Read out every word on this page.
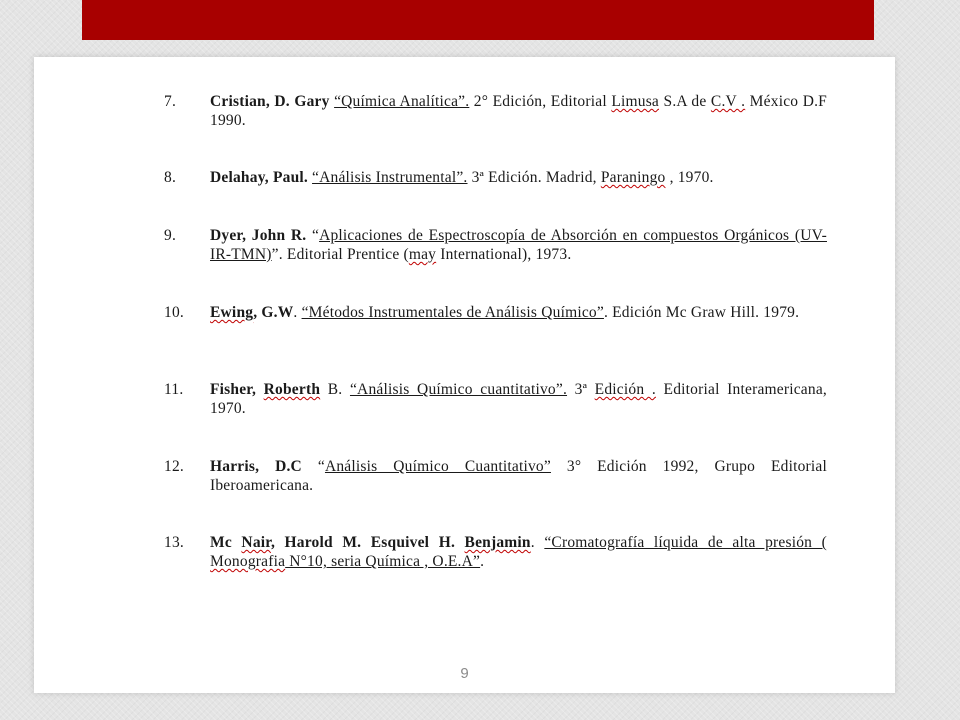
7. Cristian, D. Gary “Química Analítica”. 2° Edición, Editorial Limusa S.A de C.V . México D.F 1990.
8. Delahay, Paul. “Análisis Instrumental”. 3ª Edición. Madrid, Paraningo , 1970.
9. Dyer, John R. “Aplicaciones de Espectroscopía de Absorción en compuestos Orgánicos (UV-IR-TMN)”. Editorial Prentice (may International), 1973.
10. Ewing, G.W. “Métodos Instrumentales de Análisis Químico”. Edición Mc Graw Hill. 1979.
11. Fisher, Roberth B. “Análisis Químico cuantitativo”. 3ª Edición . Editorial Interamericana, 1970.
12. Harris, D.C “Análisis Químico Cuantitativo” 3° Edición 1992, Grupo Editorial Iberoamericana.
13. Mc Nair, Harold M. Esquivel H. Benjamin. “Cromatografía líquida de alta presión ( Monografia N°10, seria Química , O.E.A”.
9
